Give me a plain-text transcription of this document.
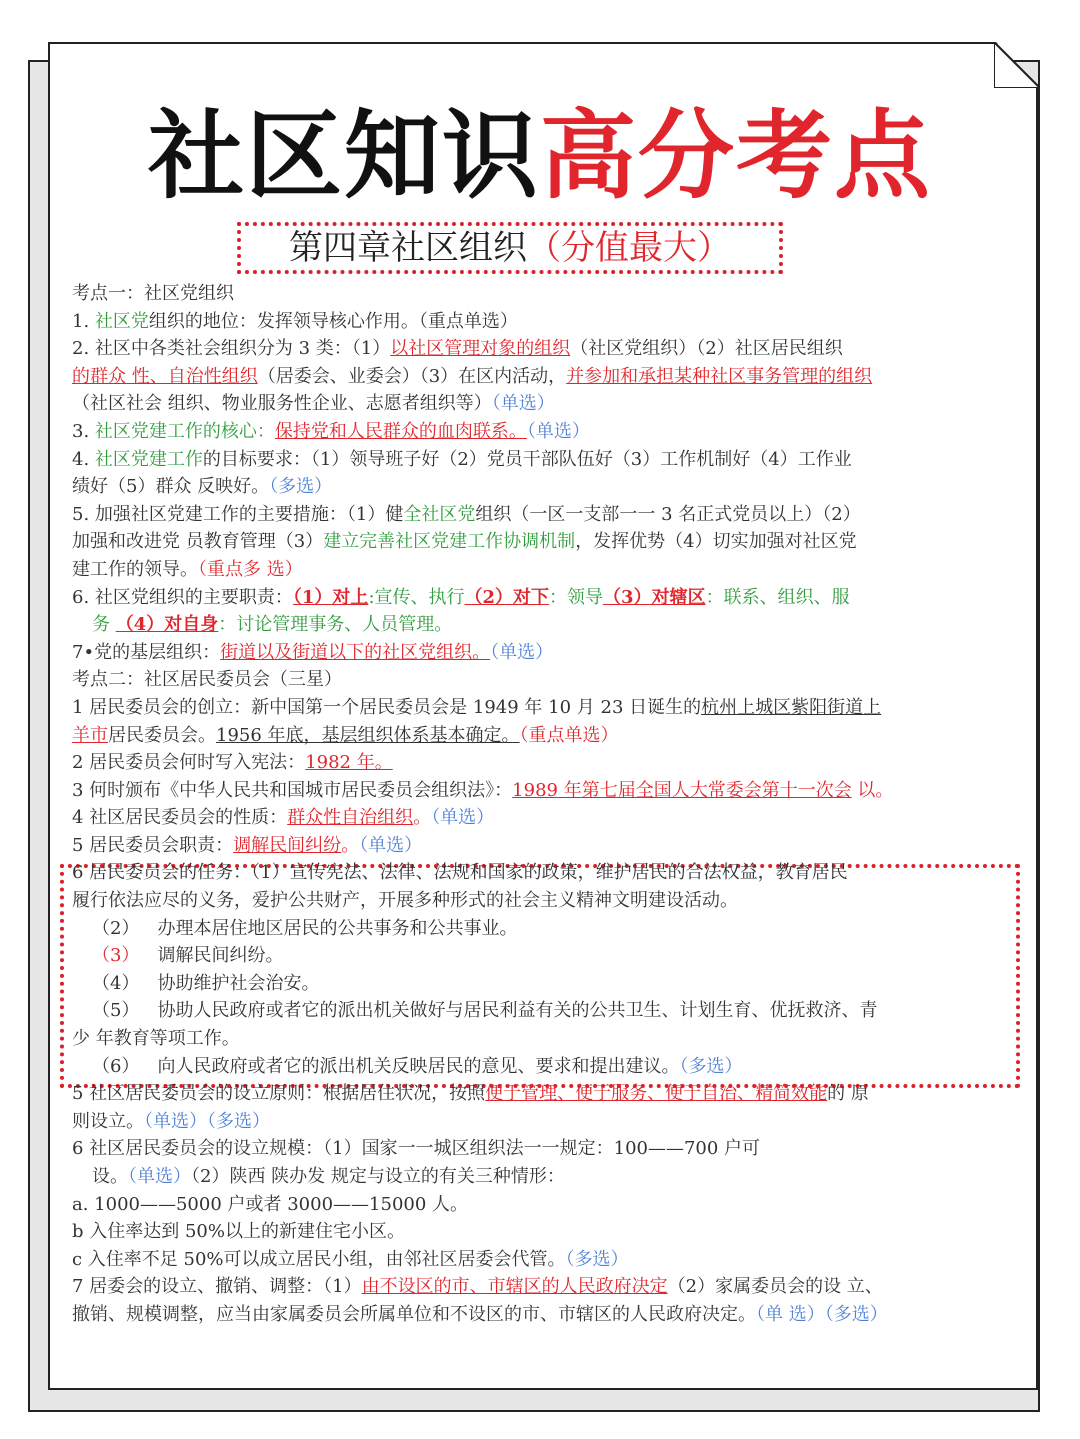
社区知识高分考点
第四章社区组织（分值最大）
考点一：社区党组织
1. 社区党组织的地位：发挥领导核心作用。（重点单选）
2. 社区中各类社会组织分为 3 类：（1）以社区管理对象的组织（社区党组织）（2）社区居民组织
的群众 性、自治性组织（居委会、业委会）（3）在区内活动，并参加和承担某种社区事务管理的组织
（社区社会 组织、物业服务性企业、志愿者组织等）（单选）
3. 社区党建工作的核心：保持党和人民群众的血肉联系。（单选）
4. 社区党建工作的目标要求：（1）领导班子好（2）党员干部队伍好（3）工作机制好（4）工作业
绩好（5）群众 反映好。（多选）
5. 加强社区党建工作的主要措施：（1）健全社区党组织（一区一支部一一 3 名正式党员以上）（2）
加强和改进党 员教育管理（3）建立完善社区党建工作协调机制，发挥优势（4）切实加强对社区党
建工作的领导。（重点多 选）
6. 社区党组织的主要职责：（1）对上:宣传、执行（2）对下：领导（3）对辖区：联系、组织、服
务 （4）对自身：讨论管理事务、人员管理。
7•党的基层组织：街道以及街道以下的社区党组织。（单选）
考点二：社区居民委员会（三星）
1 居民委员会的创立：新中国第一个居民委员会是 1949 年 10 月 23 日诞生的杭州上城区紫阳街道上
羊市居民委员会。1956 年底，基层组织体系基本确定。（重点单选）
2 居民委员会何时写入宪法：1982 年。
3 何时颁布《中华人民共和国城市居民委员会组织法》：1989 年第七届全国人大常委会第十一次会 以。
4 社区居民委员会的性质：群众性自治组织。（单选）
5 居民委员会职责：调解民间纠纷。（单选）
6 居民委员会的任务：（1）宣传宪法、法律、法规和国家的政策，维护居民的合法权益，教育居民
履行依法应尽的义务，爱护公共财产，开展多种形式的社会主义精神文明建设活动。
（2）  办理本居住地区居民的公共事务和公共事业。
（3）  调解民间纠纷。
（4）  协助维护社会治安。
（5）  协助人民政府或者它的派出机关做好与居民利益有关的公共卫生、计划生育、优抚救济、青
少 年教育等项工作。
（6）  向人民政府或者它的派出机关反映居民的意见、要求和提出建议。（多选）
5 社区居民委员会的设立原则：根据居住状况，按照便于管理、便于服务、便于自治、精简效能的 原
则设立。（单选）（多选）
6 社区居民委员会的设立规模：（1）国家一一城区组织法一一规定：100——700 户可
设。（单选）（2）陕西 陕办发 规定与设立的有关三种情形：
a. 1000——5000 户或者 3000——15000 人。
b 入住率达到 50%以上的新建住宅小区。
c 入住率不足 50%可以成立居民小组，由邻社区居委会代管。（多选）
7 居委会的设立、撤销、调整：（1）由不设区的市、市辖区的人民政府决定（2）家属委员会的设 立、
撤销、规模调整，应当由家属委员会所属单位和不设区的市、市辖区的人民政府决定。（单 选）（多选）
